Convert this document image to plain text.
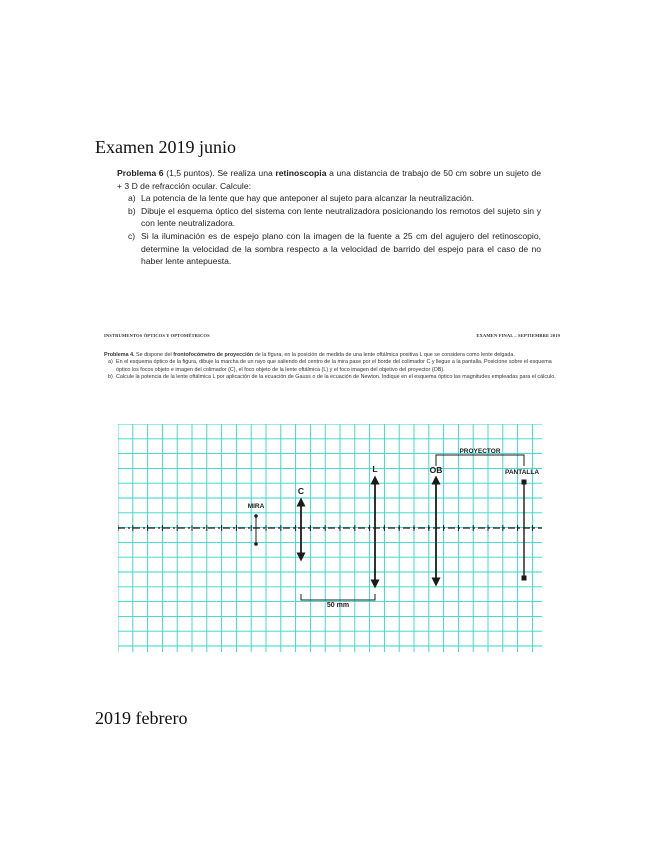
Examen 2019 junio

Problema 6 (1,5 puntos). Se realiza una retinoscopia a una distancia de trabajo de 50 cm sobre un sujeto de + 3 D de refracción ocular. Calcule:

a) La potencia de la lente que hay que anteponer al sujeto para alcanzar la neutralización.
b) Dibuje el esquema óptico del sistema con lente neutralizadora posicionando los remotos del sujeto sin y con lente neutralizadora.
c) Si la iluminación es de espejo plano con la imagen de la fuente a 25 cm del agujero del retinoscopio, determine la velocidad de la sombra respecto a la velocidad de barrido del espejo para el caso de no haber lente antepuesta.
INSTRUMENTOS ÓPTICOS Y OPTOMÉTRICOS	EXAMEN FINAL – SEPTIEMBRE 2019

Problema 4. Se dispone del frontofocómetro de proyección de la figura, en la posición de medida de una lente oftálmica positiva L que se considera como lente delgada.

a) En el esquema óptico de la figura, dibuje la marcha de un rayo que saliendo del centro de la mira pase por el borde del colimador C y llegue a la pantalla. Posicione sobre el esquema óptico los focos objeto e imagen del colimador (C), el foco objeto de la lente oftálmica (L) y el foco imagen del objetivo del proyector (OB).
b) Calcule la potencia de la lente oftálmica L por aplicación de la ecuación de Gauss o de la ecuación de Newton. Indique en el esquema óptico las magnitudes empleadas para el cálculo.
MIRA
C
L	OB
PROYECTOR
PANTALLA
50 mm
2019 febrero
